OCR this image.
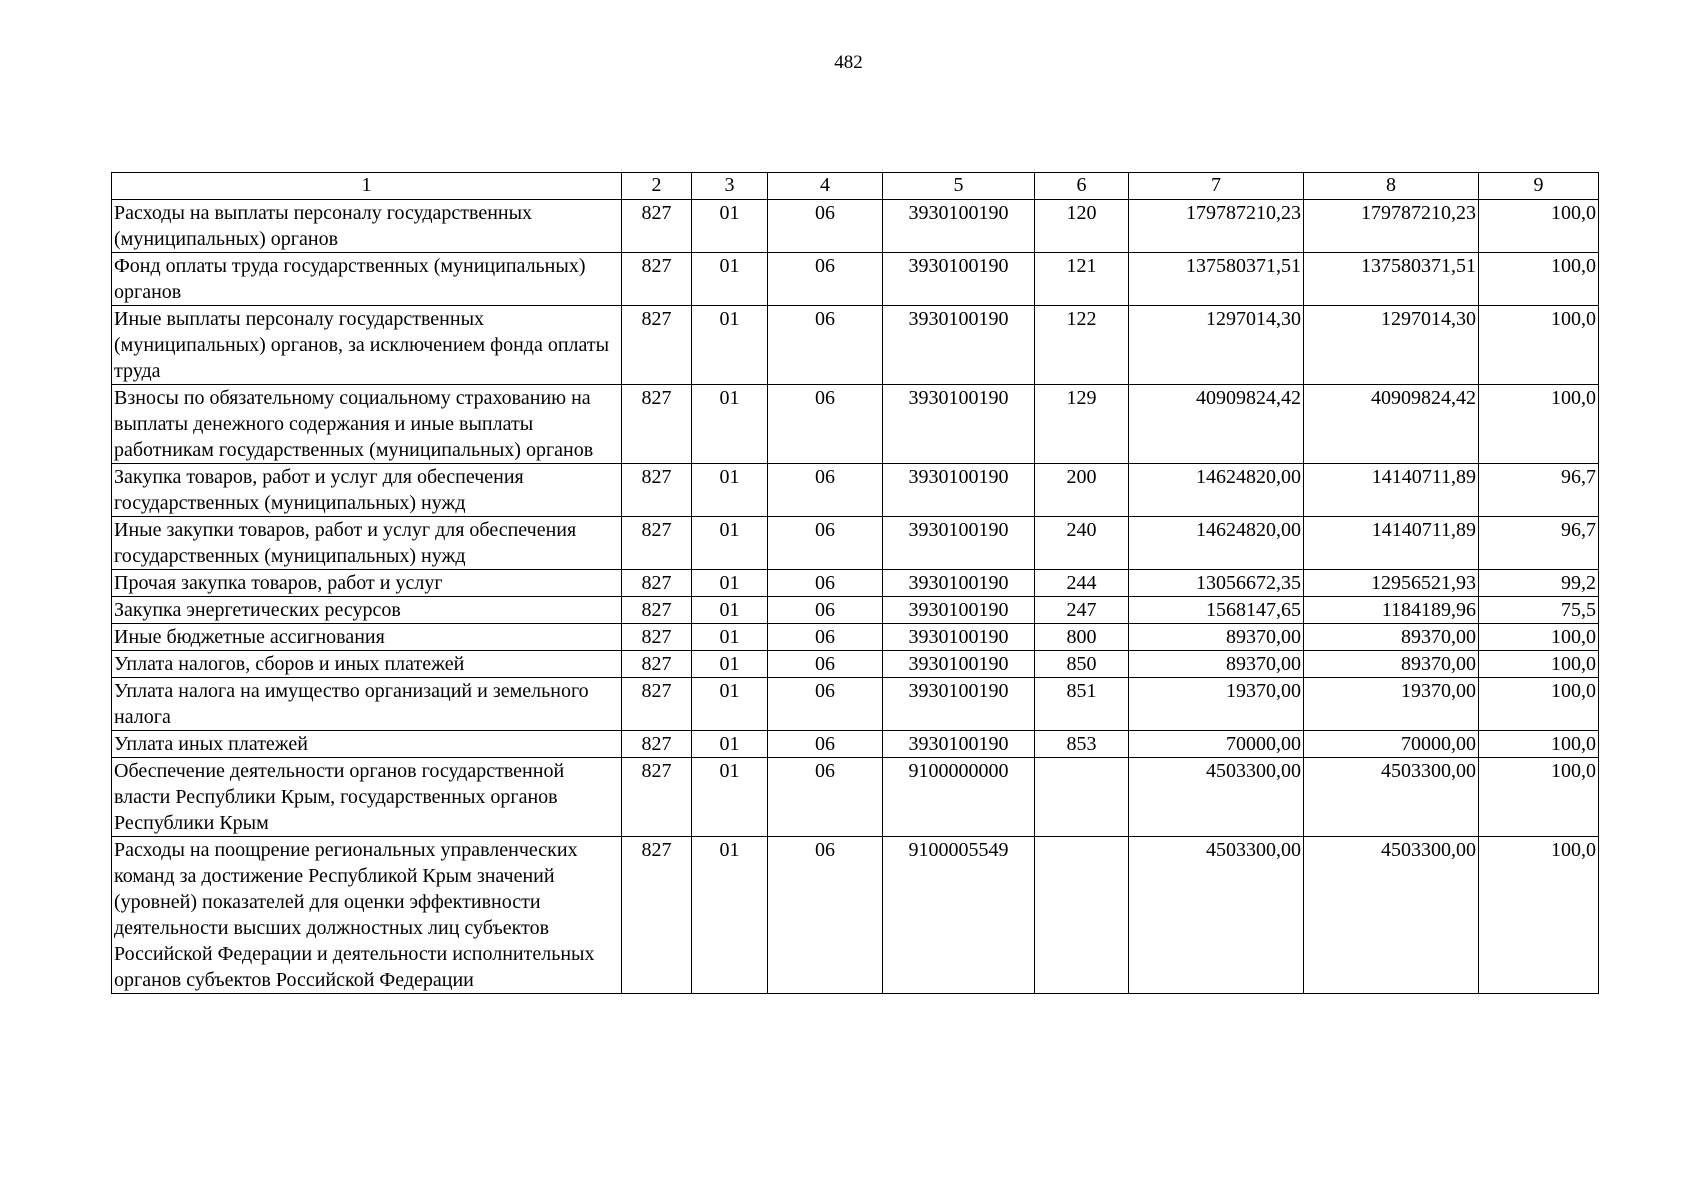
482
1	2	3	4	5	6	7	8	9
Расходы на выплаты персоналу государственных (муниципальных) органов	827	01	06	3930100190	120	179787210,23	179787210,23	100,0
Фонд оплаты труда государственных (муниципальных) органов	827	01	06	3930100190	121	137580371,51	137580371,51	100,0
Иные выплаты персоналу государственных (муниципальных) органов, за исключением фонда оплаты труда	827	01	06	3930100190	122	1297014,30	1297014,30	100,0
Взносы по обязательному социальному страхованию на выплаты денежного содержания и иные выплаты работникам государственных (муниципальных) органов	827	01	06	3930100190	129	40909824,42	40909824,42	100,0
Закупка товаров, работ и услуг для обеспечения государственных (муниципальных) нужд	827	01	06	3930100190	200	14624820,00	14140711,89	96,7
Иные закупки товаров, работ и услуг для обеспечения государственных (муниципальных) нужд	827	01	06	3930100190	240	14624820,00	14140711,89	96,7
Прочая закупка товаров, работ и услуг	827	01	06	3930100190	244	13056672,35	12956521,93	99,2
Закупка энергетических ресурсов	827	01	06	3930100190	247	1568147,65	1184189,96	75,5
Иные бюджетные ассигнования	827	01	06	3930100190	800	89370,00	89370,00	100,0
Уплата налогов, сборов и иных платежей	827	01	06	3930100190	850	89370,00	89370,00	100,0
Уплата налога на имущество организаций и земельного налога	827	01	06	3930100190	851	19370,00	19370,00	100,0
Уплата иных платежей	827	01	06	3930100190	853	70000,00	70000,00	100,0
Обеспечение деятельности органов государственной власти Республики Крым, государственных органов Республики Крым	827	01	06	9100000000		4503300,00	4503300,00	100,0
Расходы на поощрение региональных управленческих команд за достижение Республикой Крым значений (уровней) показателей для оценки эффективности деятельности высших должностных лиц субъектов Российской Федерации и деятельности исполнительных органов субъектов Российской Федерации	827	01	06	9100005549		4503300,00	4503300,00	100,0
